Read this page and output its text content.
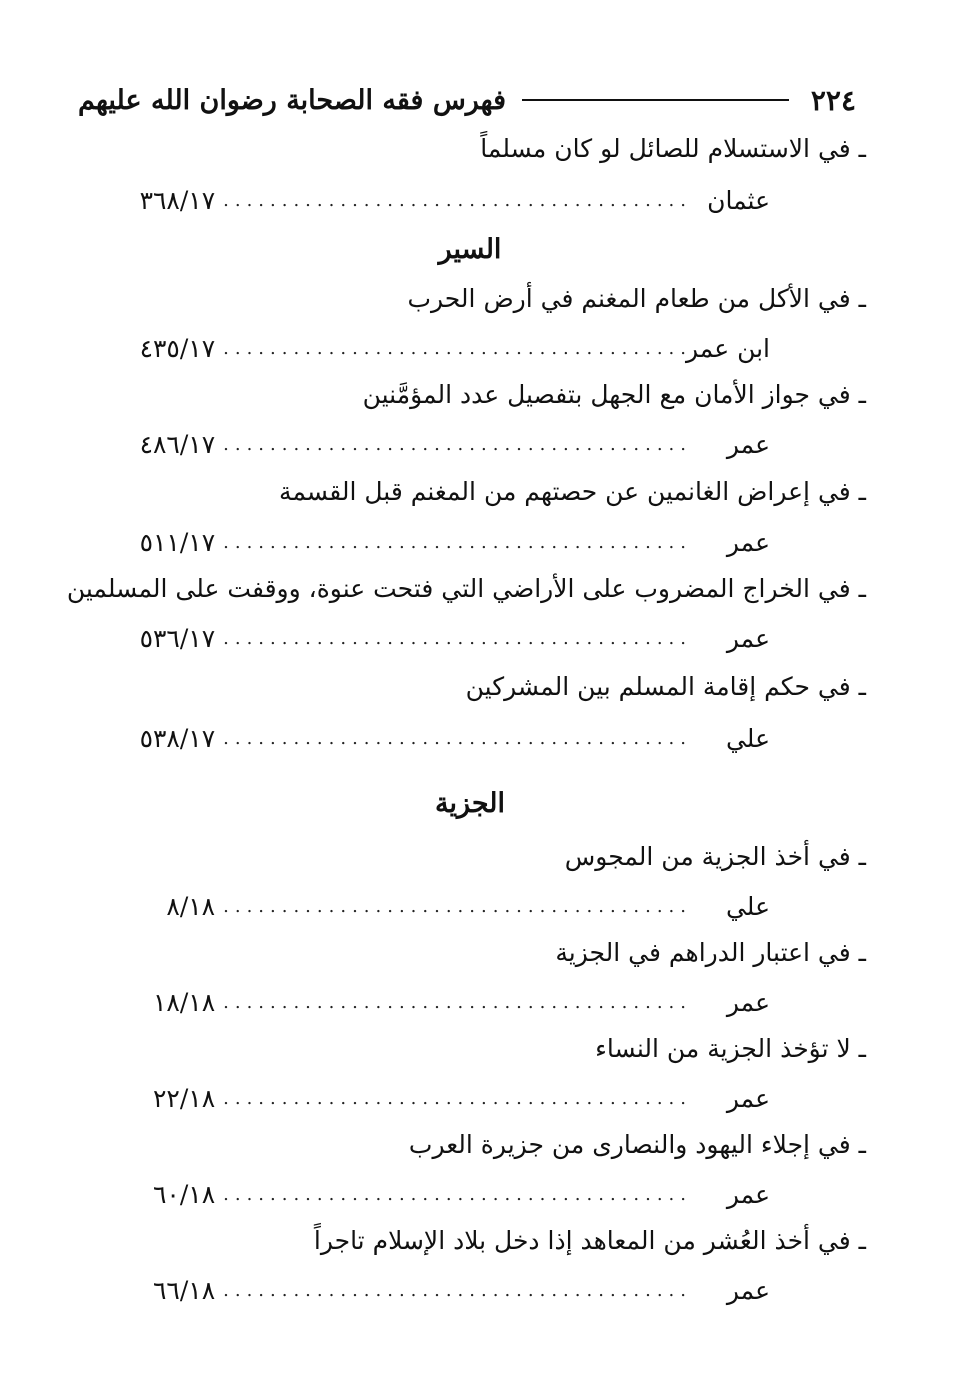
٢٢٤
فهرس فقه الصحابة رضوان الله عليهم
ـ في الاستسلام للصائل لو كان مسلماً
عثمان
........................................
٣٦٨/١٧
السير
ـ في الأكل من طعام المغنم في أرض الحرب
ابن عمر
........................................
٤٣٥/١٧
ـ في جواز الأمان مع الجهل بتفصيل عدد المؤمَّنين
عمر
........................................
٤٨٦/١٧
ـ في إعراض الغانمين عن حصتهم من المغنم قبل القسمة
عمر
........................................
٥١١/١٧
ـ في الخراج المضروب على الأراضي التي فتحت عنوة، ووقفت على المسلمين
عمر
........................................
٥٣٦/١٧
ـ في حكم إقامة المسلم بين المشركين
علي
........................................
٥٣٨/١٧
الجزية
ـ في أخذ الجزية من المجوس
علي
........................................
٨/١٨
ـ في اعتبار الدراهم في الجزية
عمر
........................................
١٨/١٨
ـ لا تؤخذ الجزية من النساء
عمر
........................................
٢٢/١٨
ـ في إجلاء اليهود والنصارى من جزيرة العرب
عمر
........................................
٦٠/١٨
ـ في أخذ العُشر من المعاهد إذا دخل بلاد الإسلام تاجراً
عمر
........................................
٦٦/١٨
